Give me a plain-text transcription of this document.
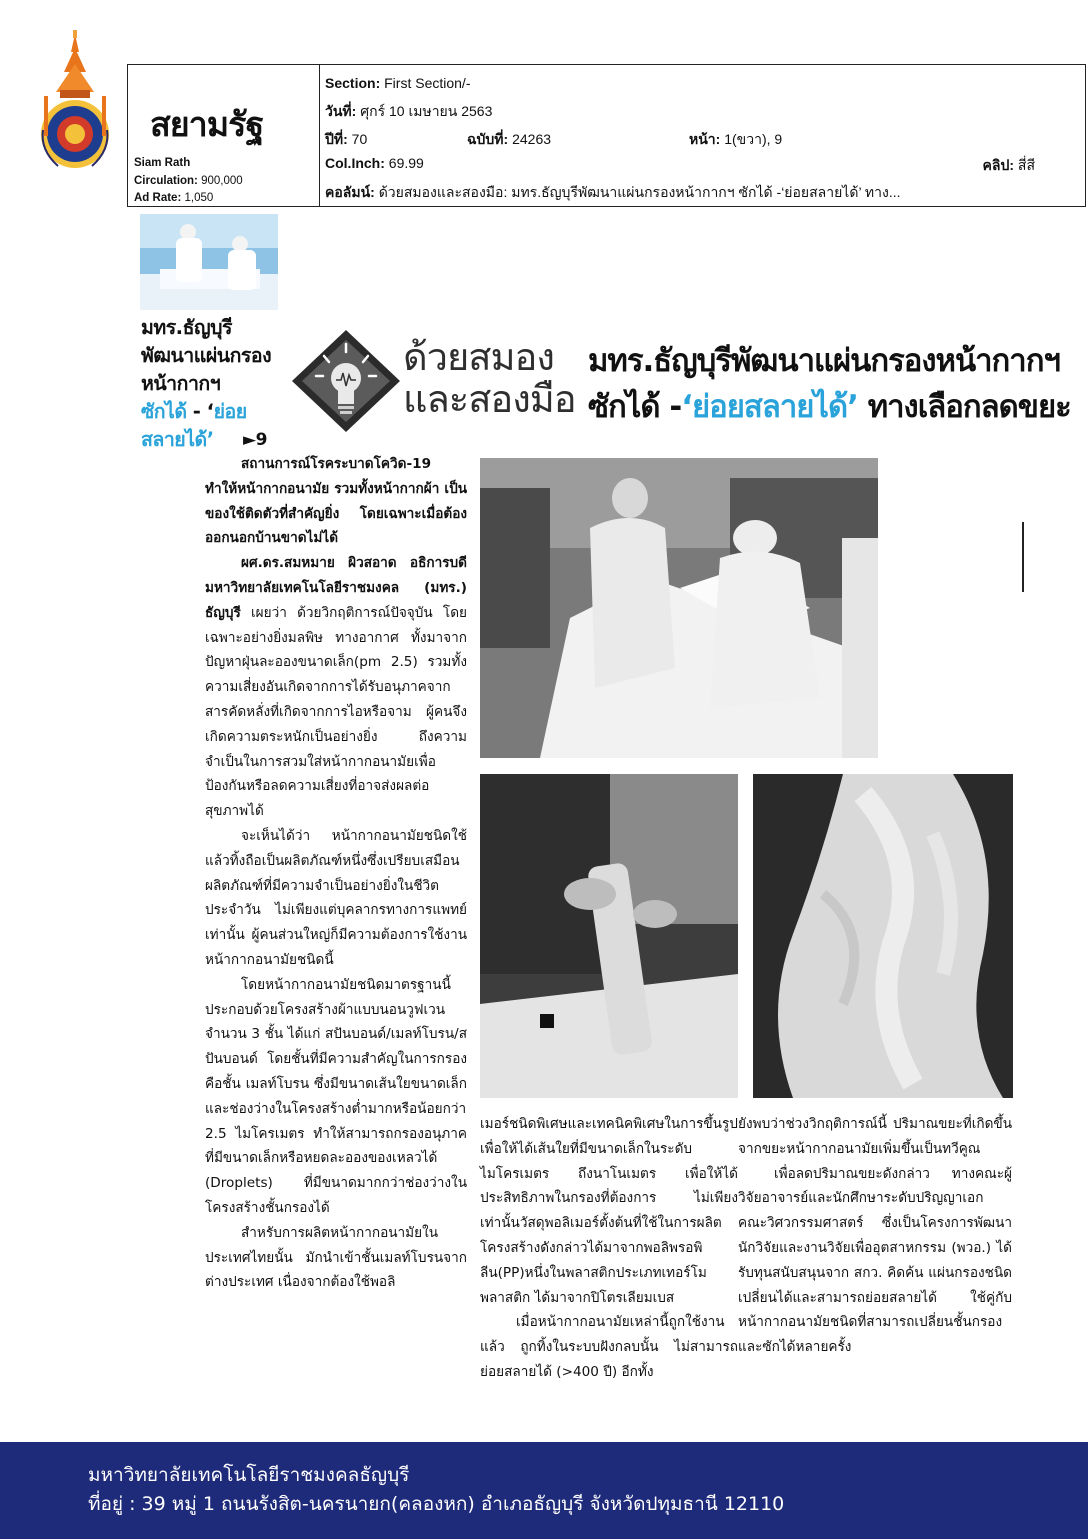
สยามรัฐ
Siam Rath
Circulation: 900,000
Ad Rate: 1,050
Section: First Section/-
วันที่: ศุกร์ 10 เมษายน 2563
ปีที่: 70	ฉบับที่: 24263	หน้า: 1(ขวา), 9
Col.Inch: 69.99	คลิป: สี่สี
คอลัมน์: ด้วยสมองและสองมือ: มทร.ธัญบุรีพัฒนาแผ่นกรองหน้ากากฯ ซักได้ -‘ย่อยสลายได้’ ทาง...
มทร.ธัญบุรี
พัฒนาแผ่นกรอง
หน้ากากฯ
ซักได้ - ‘ย่อย
สลายได้’	►9
ด้วยสมอง
และสองมือ
มทร.ธัญบุรีพัฒนาแผ่นกรองหน้ากากฯ
ซักได้ -‘ย่อยสลายได้’ ทางเลือกลดขยะ

สถานการณ์โรคระบาดโควิด-19 ทำให้หน้ากากอนามัย รวมทั้งหน้ากากผ้า เป็นของใช้ติดตัวที่สำคัญยิ่ง โดยเฉพาะเมื่อต้องออกนอกบ้านขาดไม่ได้

ผศ.ดร.สมหมาย ผิวสอาด อธิการบดีมหาวิทยาลัยเทคโนโลยีราชมงคล (มทร.) ธัญบุรี เผยว่า ด้วยวิกฤติการณ์ปัจจุบัน โดยเฉพาะอย่างยิ่งมลพิษ ทางอากาศ ทั้งมาจากปัญหาฝุ่นละอองขนาดเล็ก(pm 2.5) รวมทั้งความเสี่ยงอันเกิดจากการได้รับอนุภาคจากสารคัดหลั่งที่เกิดจากการไอหรือจาม ผู้คนจึงเกิดความตระหนักเป็นอย่างยิ่ง ถึงความจำเป็นในการสวมใส่หน้ากากอนามัยเพื่อป้องกันหรือลดความเสี่ยงที่อาจส่งผลต่อสุขภาพได้

จะเห็นได้ว่า หน้ากากอนามัยชนิดใช้แล้วทิ้งถือเป็นผลิตภัณฑ์หนึ่งซึ่งเปรียบเสมือนผลิตภัณฑ์ที่มีความจำเป็นอย่างยิ่งในชีวิตประจำวัน ไม่เพียงแต่บุคลากรทางการแพทย์เท่านั้น ผู้คนส่วนใหญ่ก็มีความต้องการใช้งานหน้ากากอนามัยชนิดนี้

โดยหน้ากากอนามัยชนิดมาตรฐานนี้ ประกอบด้วยโครงสร้างผ้าแบบนอนวูฟเวนจำนวน 3 ชั้น ได้แก่ สปันบอนด์/เมลท์โบรน/สปันบอนด์ โดยชั้นที่มีความสำคัญในการกรองคือชั้น เมลท์โบรน ซึ่งมีขนาดเส้นใยขนาดเล็ก และช่องว่างในโครงสร้างต่ำมากหรือน้อยกว่า 2.5 ไมโครเมตร ทำให้สามารถกรองอนุภาคที่มีขนาดเล็กหรือหยดละอองของเหลวได้ (Droplets) ที่มีขนาดมากกว่าช่องว่างในโครงสร้างชั้นกรองได้

สำหรับการผลิตหน้ากากอนามัยในประเทศไทยนั้น มักนำเข้าชั้นเมลท์โบรนจากต่างประเทศ เนื่องจากต้องใช้พอลิ

เมอร์ชนิดพิเศษและเทคนิคพิเศษในการขึ้นรูปเพื่อให้ได้เส้นใยที่มีขนาดเล็กในระดับไมโครเมตร ถึงนาโนเมตร เพื่อให้ได้ประสิทธิภาพในกรองที่ต้องการ ไม่เพียงเท่านั้นวัสดุพอลิเมอร์ตั้งต้นที่ใช้ในการผลิตโครงสร้างดังกล่าวได้มาจากพอลิพรอพิลีน(PP)หนึ่งในพลาสติกประเภทเทอร์โมพลาสติก ได้มาจากปิโตรเลียมเบส

เมื่อหน้ากากอนามัยเหล่านี้ถูกใช้งานแล้ว ถูกทิ้งในระบบฝังกลบนั้น ไม่สามารถย่อยสลายได้ (>400 ปี) อีกทั้ง

ยังพบว่าช่วงวิกฤติการณ์นี้ ปริมาณขยะที่เกิดขึ้นจากขยะหน้ากากอนามัยเพิ่มขึ้นเป็นทวีคูณ

เพื่อลดปริมาณขยะดังกล่าว ทางคณะผู้วิจัยอาจารย์และนักศึกษาระดับปริญญาเอกคณะวิศวกรรมศาสตร์ ซึ่งเป็นโครงการพัฒนานักวิจัยและงานวิจัยเพื่ออุตสาหกรรม (พวอ.) ได้รับทุนสนับสนุนจาก สกว. คิดค้น แผ่นกรองชนิดเปลี่ยนได้และสามารถย่อยสลายได้ ใช้คู่กับหน้ากากอนามัยชนิดที่สามารถเปลี่ยนชั้นกรองและซักได้หลายครั้ง

มหาวิทยาลัยเทคโนโลยีราชมงคลธัญบุรี
ที่อยู่ : 39 หมู่ 1 ถนนรังสิต-นครนายก(คลองหก) อำเภอธัญบุรี จังหวัดปทุมธานี 12110
